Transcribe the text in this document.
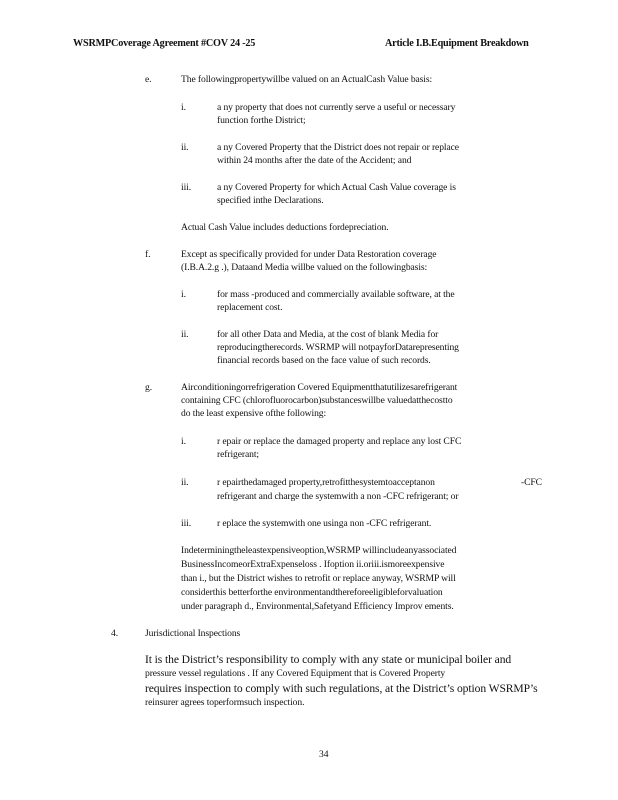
WSRMPCoverage Agreement #COV 24 -25	Article I.B.Equipment Breakdown
e.	The followingpropertywillbe valued on an ActualCash Value basis:
i.	a ny property that does not currently serve a useful or necessary
function forthe District;
ii.	a ny Covered Property that the District does not repair or replace
within 24 months after the date of the Accident; and
iii.	a ny Covered Property for which Actual Cash Value coverage is
specified inthe Declarations.
Actual Cash Value includes deductions fordepreciation.
f.	Except as specifically provided for under Data Restoration coverage
(I.B.A.2.g .), Dataand Media willbe valued on the followingbasis:
i.	for mass -produced and commercially available software, at the
replacement cost.
ii.	for all other Data and Media, at the cost of blank Media for
reproducingtherecords. WSRMP will notpayforDatarepresenting
financial records based on the face value of such records.
g.	Airconditioningorrefrigeration Covered Equipmentthatutilizesarefrigerant
containing CFC (chlorofluorocarbon)substanceswillbe valuedatthecostto
do the least expensive ofthe following:
i.	r epair or replace the damaged property and replace any lost CFC
refrigerant;
ii.	r epairthedamaged property,retrofitthesystemtoacceptanon	-CFC
refrigerant and charge the systemwith a non -CFC refrigerant; or
iii.	r eplace the systemwith one usinga non -CFC refrigerant.
Indeterminingtheleastexpensiveoption,WSRMP willincludeanyassociated
BusinessIncomeorExtraExpenseloss . Ifoption ii.oriii.ismoreexpensive
than i., but the District wishes to retrofit or replace anyway, WSRMP will
considerthis betterforthe environmentandthereforeeligibleforvaluation
under paragraph d., Environmental,Safetyand Efficiency Improv ements.
4.	Jurisdictional Inspections
It is the District’s responsibility to comply with any state or municipal boiler and
pressure vessel regulations . If any Covered Equipment that is Covered Property
requires inspection to comply with such regulations, at the District’s option WSRMP’s
reinsurer agrees toperformsuch inspection.
34
